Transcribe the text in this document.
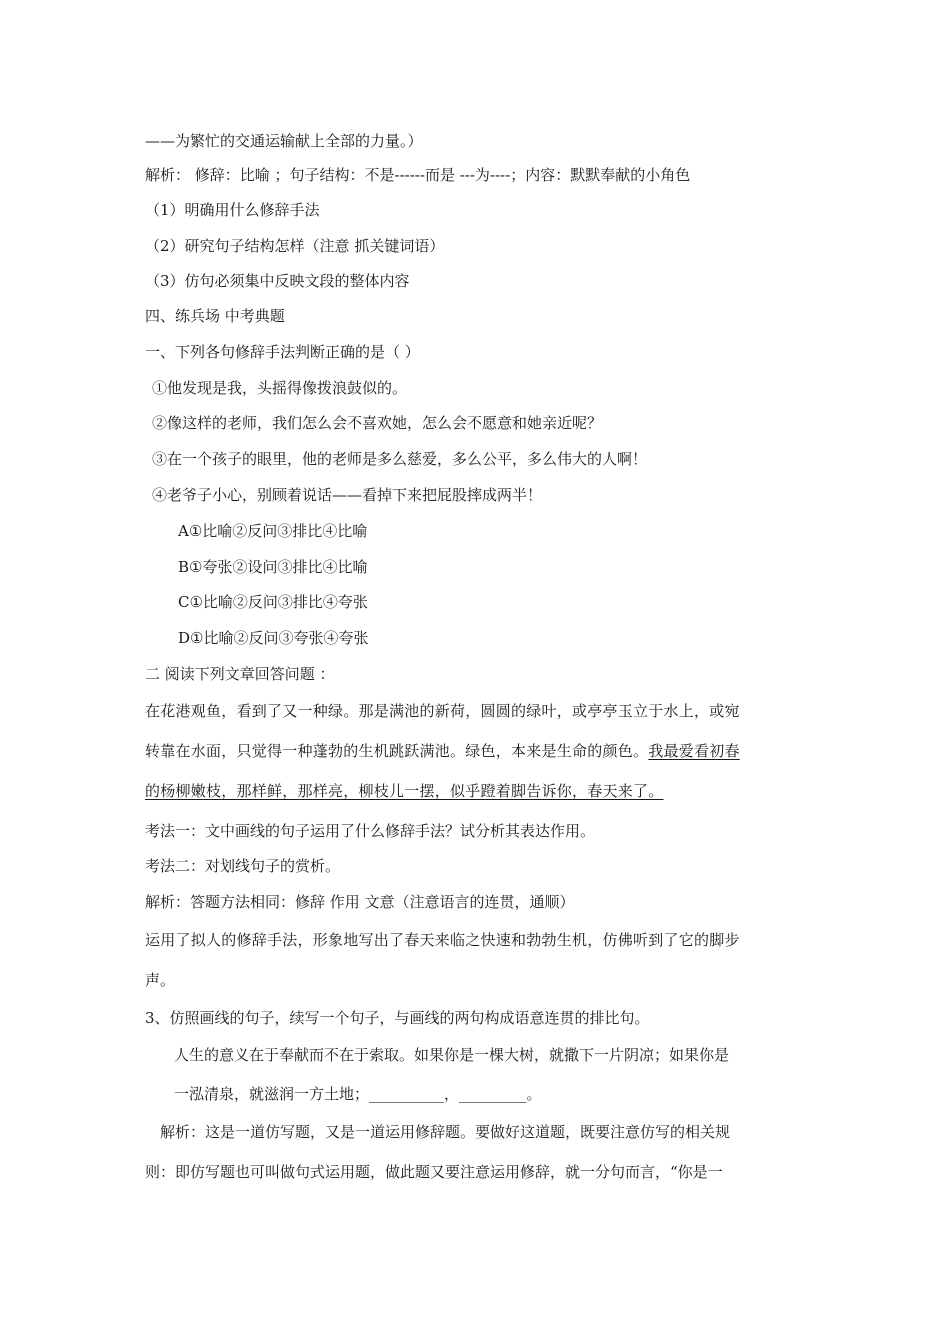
——为繁忙的交通运输献上全部的力量。）
解析： 修辞：比喻 ；句子结构：不是------而是 ---为----；内容：默默奉献的小角色
（1）明确用什么修辞手法
（2）研究句子结构怎样（注意 抓关键词语）
（3）仿句必须集中反映文段的整体内容
四、练兵场 中考典题
一、下列各句修辞手法判断正确的是（ ）
①他发现是我，头摇得像拨浪鼓似的。
②像这样的老师，我们怎么会不喜欢她，怎么会不愿意和她亲近呢？
③在一个孩子的眼里，他的老师是多么慈爱，多么公平，多么伟大的人啊！
④老爷子小心，别顾着说话——看掉下来把屁股摔成两半！
A①比喻②反问③排比④比喻
B①夸张②设问③排比④比喻
C①比喻②反问③排比④夸张
D①比喻②反问③夸张④夸张
二 阅读下列文章回答问题 ：
在花港观鱼，看到了又一种绿。那是满池的新荷，圆圆的绿叶，或亭亭玉立于水上，或宛
转靠在水面，只觉得一种蓬勃的生机跳跃满池。绿色，本来是生命的颜色。我最爱看初春
的杨柳嫩枝，那样鲜，那样亮，柳枝儿一摆，似乎蹬着脚告诉你，春天来了。
考法一：文中画线的句子运用了什么修辞手法？试分析其表达作用。
考法二：对划线句子的赏析。
解析：答题方法相同：修辞 作用 文意（注意语言的连贯，通顺）
运用了拟人的修辞手法，形象地写出了春天来临之快速和勃勃生机，仿佛听到了它的脚步
声。
3、仿照画线的句子，续写一个句子，与画线的两句构成语意连贯的排比句。
人生的意义在于奉献而不在于索取。如果你是一棵大树，就撒下一片阴凉；如果你是
一泓清泉，就滋润一方土地；__________，_________。
解析：这是一道仿写题，又是一道运用修辞题。要做好这道题，既要注意仿写的相关规
则：即仿写题也可叫做句式运用题，做此题又要注意运用修辞，就一分句而言，“你是一
